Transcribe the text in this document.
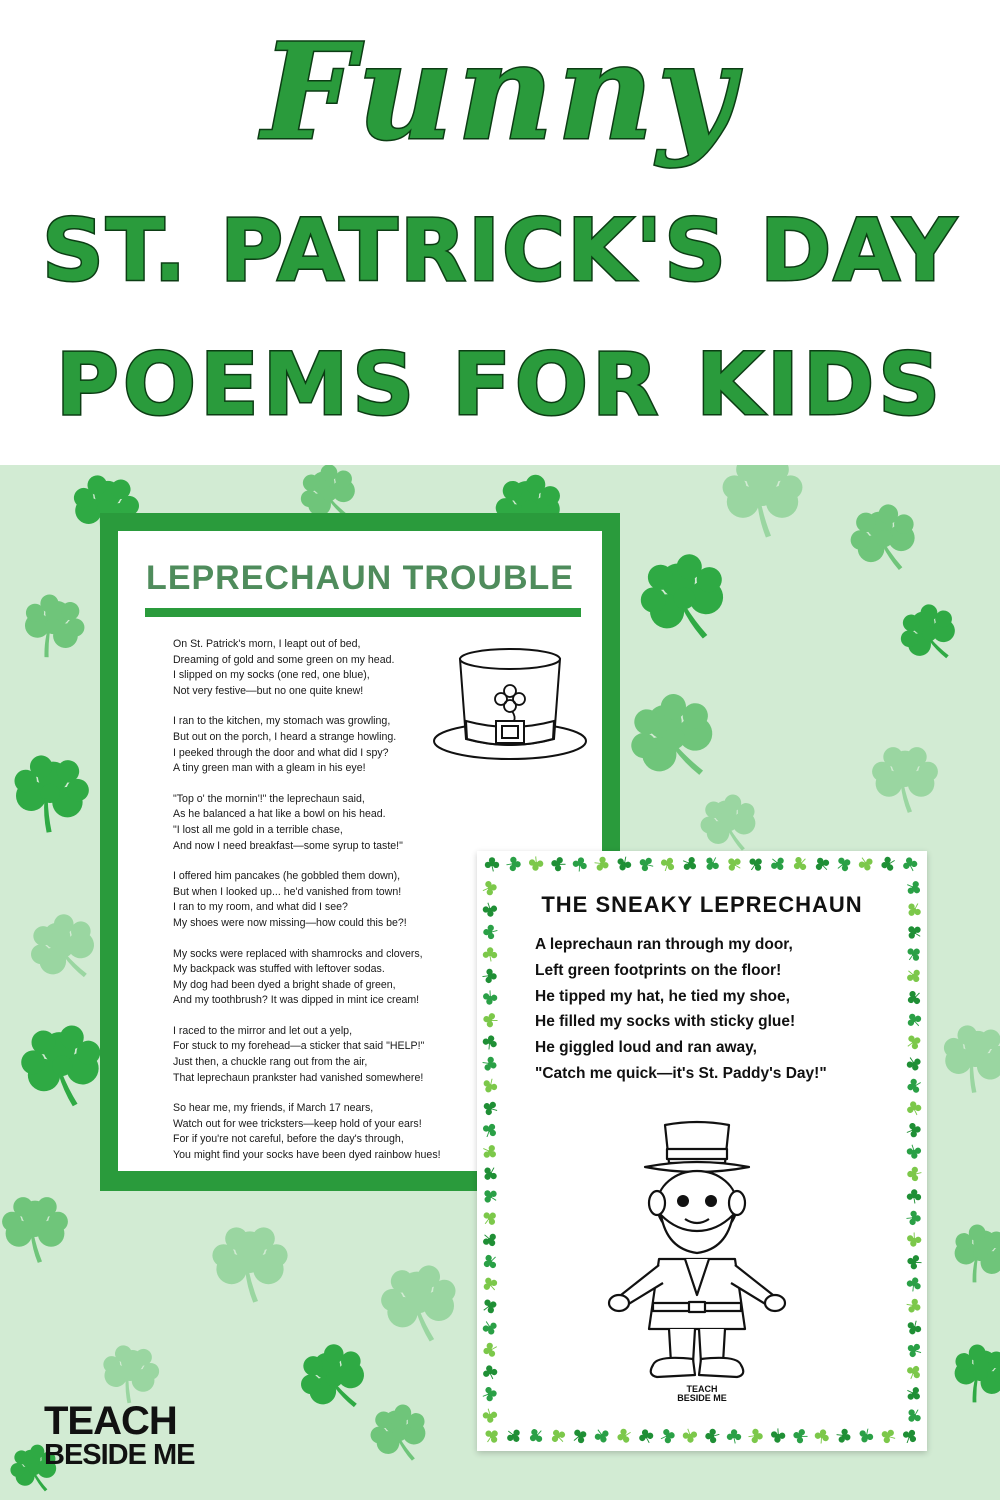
Funny
ST. PATRICK'S DAY
POEMS FOR KIDS
LEPRECHAUN TROUBLE
On St. Patrick's morn, I leapt out of bed,
Dreaming of gold and some green on my head.
I slipped on my socks (one red, one blue),
Not very festive—but no one quite knew!
I ran to the kitchen, my stomach was growling,
But out on the porch, I heard a strange howling.
I peeked through the door and what did I spy?
A tiny green man with a gleam in his eye!
"Top o' the mornin'!" the leprechaun said,
As he balanced a hat like a bowl on his head.
"I lost all me gold in a terrible chase,
And now I need breakfast—some syrup to taste!"
I offered him pancakes (he gobbled them down),
But when I looked up... he'd vanished from town!
I ran to my room, and what did I see?
My shoes were now missing—how could this be?!
My socks were replaced with shamrocks and clovers,
My backpack was stuffed with leftover sodas.
My dog had been dyed a bright shade of green,
And my toothbrush? It was dipped in mint ice cream!
I raced to the mirror and let out a yelp,
For stuck to my forehead—a sticker that said "HELP!"
Just then, a chuckle rang out from the air,
That leprechaun prankster had vanished somewhere!
So hear me, my friends, if March 17 nears,
Watch out for wee tricksters—keep hold of your ears!
For if you're not careful, before the day's through,
You might find your socks have been dyed rainbow hues!
THE SNEAKY LEPRECHAUN
A leprechaun ran through my door,
Left green footprints on the floor!
He tipped my hat, he tied my shoe,
He filled my socks with sticky glue!
He giggled loud and ran away,
"Catch me quick—it's St. Paddy's Day!"
TEACH
BESIDE ME
TEACH
BESIDE ME
